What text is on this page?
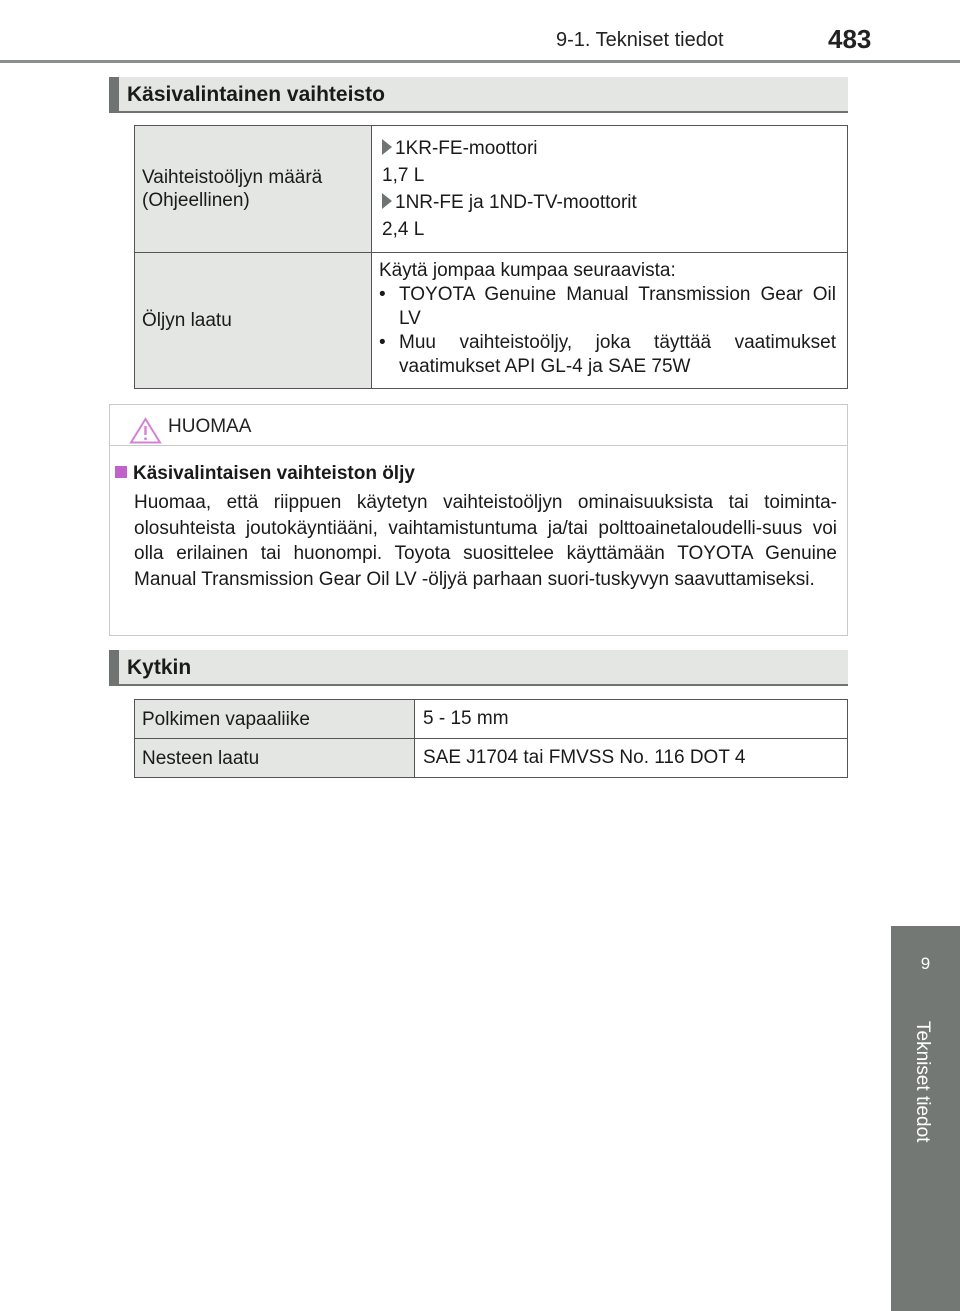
9-1. Tekniset tiedot	483
9
Tekniset tiedot
Käsivalintainen vaihteisto
Vaihteistoöljyn määrä
(Ohjeellinen)	1KR-FE-moottori
1,7 L
1NR-FE ja 1ND-TV-moottorit
2,4 L

Öljyn laatu	Käytä jompaa kumpaa seuraavista:
• TOYOTA Genuine Manual Transmission Gear Oil LV
• Muu vaihteistoöljy, joka täyttää vaatimukset vaatimukset API GL-4 ja SAE 75W
HUOMAA
Käsivalintaisen vaihteiston öljy
Huomaa, että riippuen käytetyn vaihteistoöljyn ominaisuuksista tai toiminta-olosuhteista joutokäyntiääni, vaihtamistuntuma ja/tai polttoainetaloudelli-suus voi olla erilainen tai huonompi. Toyota suosittelee käyttämään TOYOTA Genuine Manual Transmission Gear Oil LV -öljyä parhaan suori-tuskyvyn saavuttamiseksi.
Kytkin
Polkimen vapaaliike	5 - 15 mm
Nesteen laatu	SAE J1704 tai FMVSS No. 116 DOT 4
